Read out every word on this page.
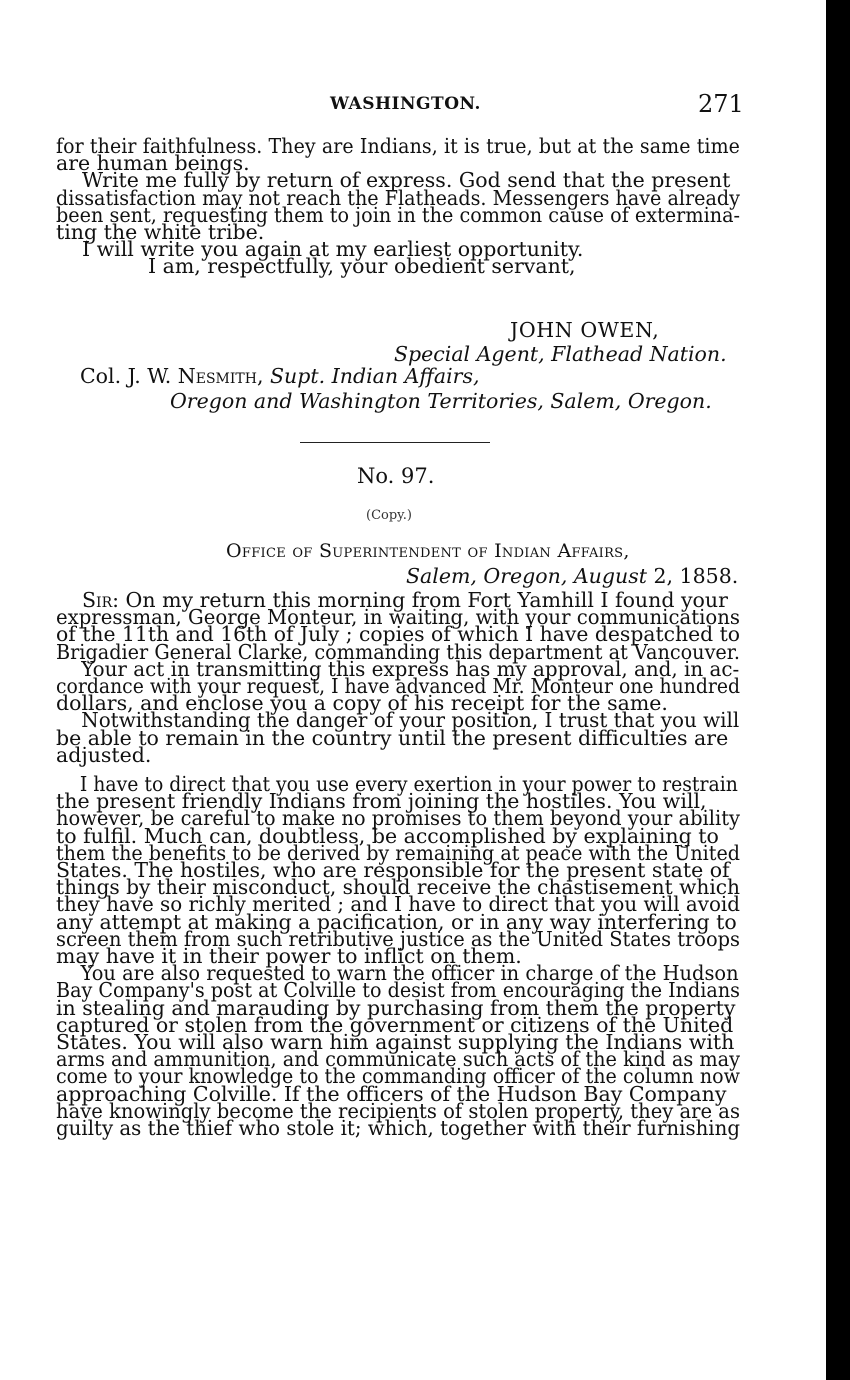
WASHINGTON.	271
for their faithfulness. They are Indians, it is true, but at the same time
are human beings.
Write me fully by return of express. God send that the present
dissatisfaction may not reach the Flatheads. Messengers have already
been sent, requesting them to join in the common cause of extermina-
ting the white tribe.
I will write you again at my earliest opportunity.
I am, respectfully, your obedient servant,
JOHN OWEN,
Special Agent, Flathead Nation.
Col. J. W. Nesmith, Supt. Indian Affairs,
Oregon and Washington Territories, Salem, Oregon.
No. 97.
(Copy.)
Office of Superintendent of Indian Affairs,
Salem, Oregon, August 2, 1858.
Sir: On my return this morning from Fort Yamhill I found your
expressman, George Monteur, in waiting, with your communications
of the 11th and 16th of July ; copies of which I have despatched to
Brigadier General Clarke, commanding this department at Vancouver.
Your act in transmitting this express has my approval, and, in ac-
cordance with your request, I have advanced Mr. Monteur one hundred
dollars, and enclose you a copy of his receipt for the same.
Notwithstanding the danger of your position, I trust that you will
be able to remain in the country until the present difficulties are
adjusted.
I have to direct that you use every exertion in your power to restrain
the present friendly Indians from joining the hostiles. You will,
however, be careful to make no promises to them beyond your ability
to fulfil. Much can, doubtless, be accomplished by explaining to
them the benefits to be derived by remaining at peace with the United
States. The hostiles, who are responsible for the present state of
things by their misconduct, should receive the chastisement which
they have so richly merited ; and I have to direct that you will avoid
any attempt at making a pacification, or in any way interfering to
screen them from such retributive justice as the United States troops
may have it in their power to inflict on them.
You are also requested to warn the officer in charge of the Hudson
Bay Company's post at Colville to desist from encouraging the Indians
in stealing and marauding by purchasing from them the property
captured or stolen from the government or citizens of the United
States. You will also warn him against supplying the Indians with
arms and ammunition, and communicate such acts of the kind as may
come to your knowledge to the commanding officer of the column now
approaching Colville. If the officers of the Hudson Bay Company
have knowingly become the recipients of stolen property, they are as
guilty as the thief who stole it; which, together with their furnishing
